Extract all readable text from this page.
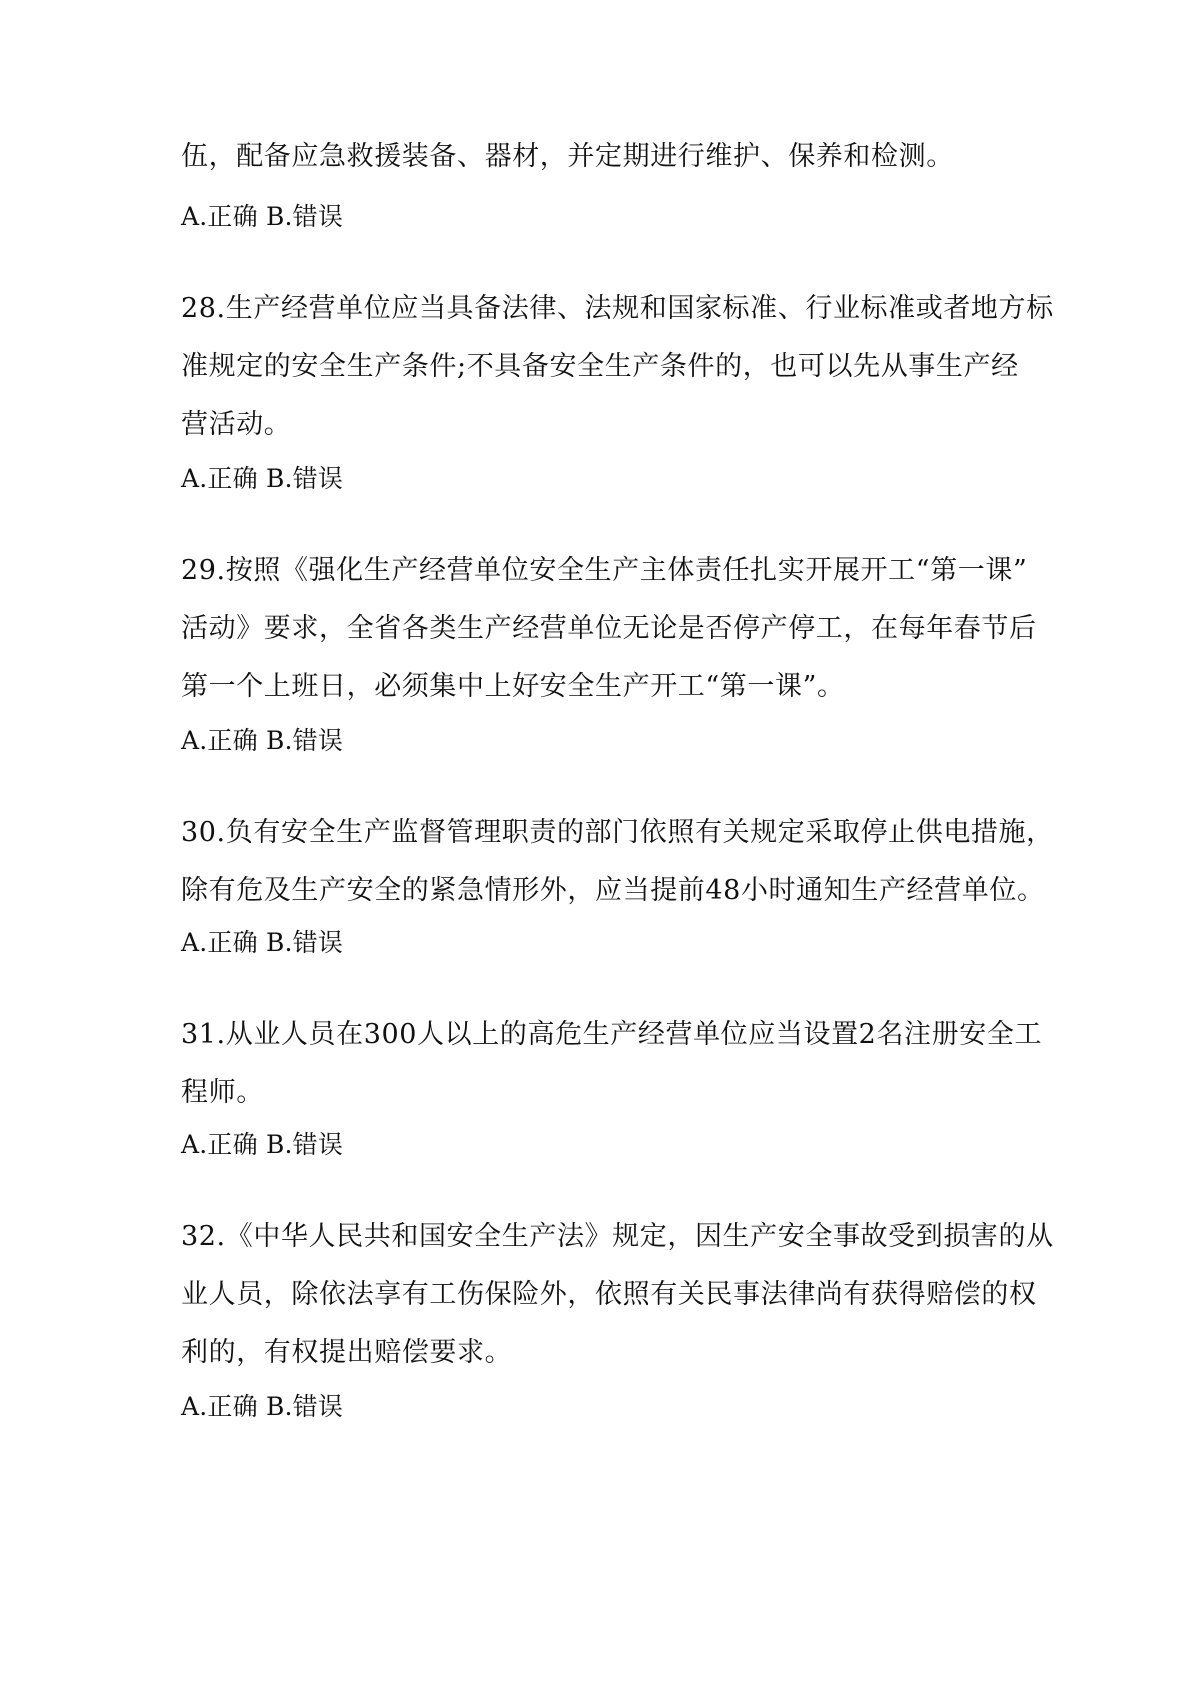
伍，配备应急救援装备、器材，并定期进行维护、保养和检测。
A.正确 B.错误
28.生产经营单位应当具备法律、法规和国家标准、行业标准或者地方标
准规定的安全生产条件;不具备安全生产条件的，也可以先从事生产经
营活动。
A.正确 B.错误
29.按照《强化生产经营单位安全生产主体责任扎实开展开工“第一课”
活动》要求，全省各类生产经营单位无论是否停产停工，在每年春节后
第一个上班日，必须集中上好安全生产开工“第一课”。
A.正确 B.错误
30.负有安全生产监督管理职责的部门依照有关规定采取停止供电措施，
除有危及生产安全的紧急情形外，应当提前48小时通知生产经营单位。
A.正确 B.错误
31.从业人员在300人以上的高危生产经营单位应当设置2名注册安全工
程师。
A.正确 B.错误
32.《中华人民共和国安全生产法》规定，因生产安全事故受到损害的从
业人员，除依法享有工伤保险外，依照有关民事法律尚有获得赔偿的权
利的，有权提出赔偿要求。
A.正确 B.错误
